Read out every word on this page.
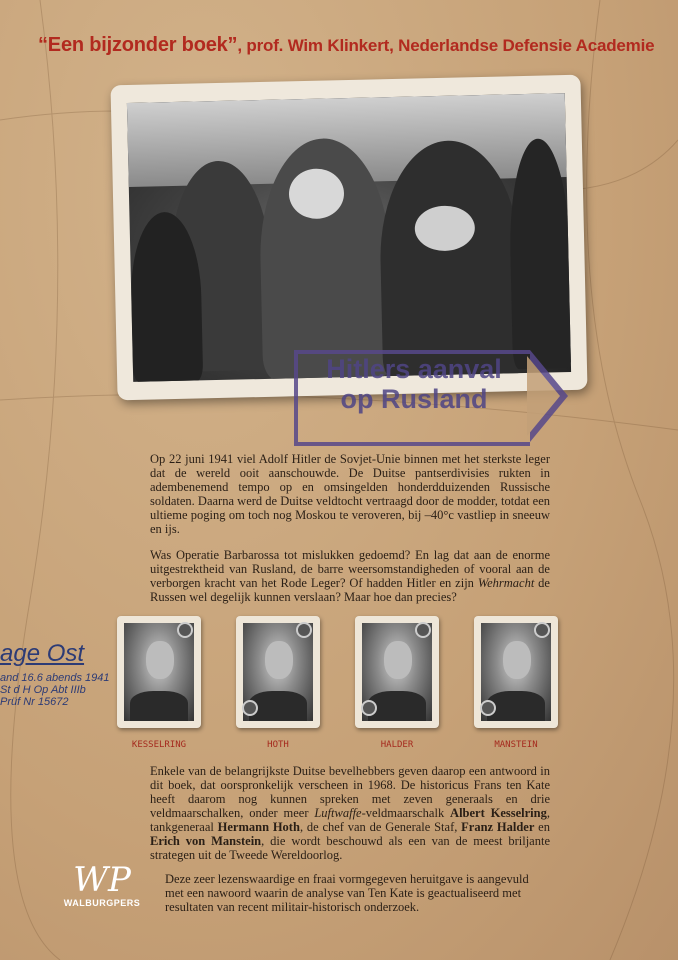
“Een bijzonder boek”, prof. Wim Klinkert, Nederlandse Defensie Academie
Hitlers aanval
op Rusland
age Ost
and 16.6 abends 1941
St d H Op Abt IIIb
Prüf Nr 15672

Op 22 juni 1941 viel Adolf Hitler de Sovjet-Unie binnen met het sterkste leger dat de wereld ooit aanschouwde. De Duitse pantserdivisies rukten in adembenemend tempo op en omsingelden honderdduizenden Russische soldaten. Daarna werd de Duitse veldtocht vertraagd door de modder, totdat een ultieme poging om toch nog Moskou te veroveren, bij –40°c vastliep in sneeuw en ijs.

Was Operatie Barbarossa tot mislukken gedoemd? En lag dat aan de enorme uitgestrektheid van Rusland, de barre weersomstandigheden of vooral aan de verborgen kracht van het Rode Leger? Of hadden Hitler en zijn Wehrmacht de Russen wel degelijk kunnen verslaan? Maar hoe dan precies?

KESSELRING	HOTH	HALDER	MANSTEIN

Enkele van de belangrijkste Duitse bevelhebbers geven daarop een antwoord in dit boek, dat oorspronkelijk verscheen in 1968. De historicus Frans ten Kate heeft daarom nog kunnen spreken met zeven generaals en drie veldmaarschalken, onder meer Luftwaffe-veldmaarschalk Albert Kesselring, tankgeneraal Hermann Hoth, de chef van de Generale Staf, Franz Halder en Erich von Manstein, die wordt beschouwd als een van de meest briljante strategen uit de Tweede Wereldoorlog.

Deze zeer lezenswaardige en fraai vormgegeven heruitgave is aangevuld met een nawoord waarin de analyse van Ten Kate is geactualiseerd met resultaten van recent militair-historisch onderzoek.
WP
WALBURGPERS
